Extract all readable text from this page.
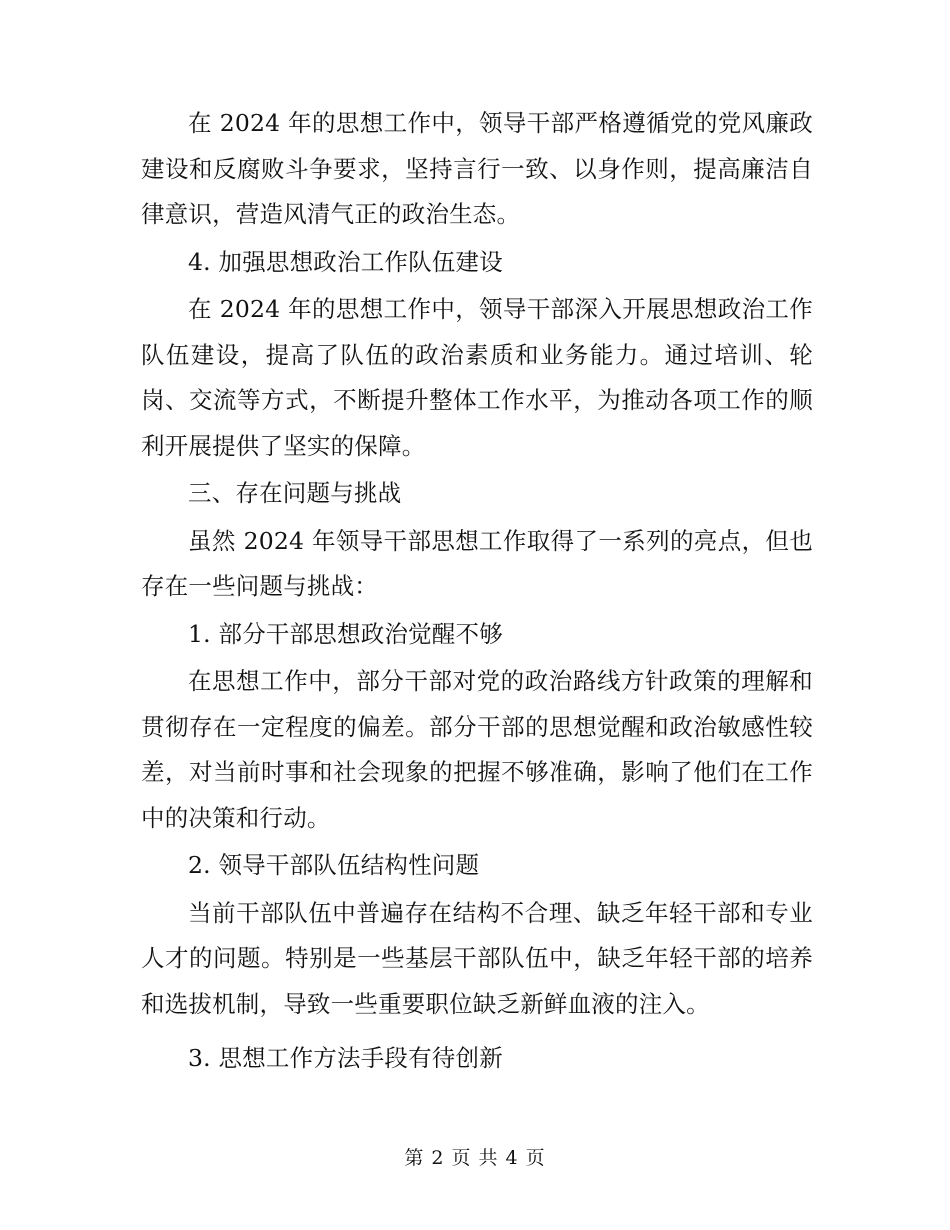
在 2024 年的思想工作中，领导干部严格遵循党的党风廉政建设和反腐败斗争要求，坚持言行一致、以身作则，提高廉洁自律意识，营造风清气正的政治生态。

4. 加强思想政治工作队伍建设

在 2024 年的思想工作中，领导干部深入开展思想政治工作队伍建设，提高了队伍的政治素质和业务能力。通过培训、轮岗、交流等方式，不断提升整体工作水平，为推动各项工作的顺利开展提供了坚实的保障。

三、存在问题与挑战

虽然 2024 年领导干部思想工作取得了一系列的亮点，但也存在一些问题与挑战：

1. 部分干部思想政治觉醒不够

在思想工作中，部分干部对党的政治路线方针政策的理解和贯彻存在一定程度的偏差。部分干部的思想觉醒和政治敏感性较差，对当前时事和社会现象的把握不够准确，影响了他们在工作中的决策和行动。

2. 领导干部队伍结构性问题

当前干部队伍中普遍存在结构不合理、缺乏年轻干部和专业人才的问题。特别是一些基层干部队伍中，缺乏年轻干部的培养和选拔机制，导致一些重要职位缺乏新鲜血液的注入。

3. 思想工作方法手段有待创新

第 2 页 共 4 页
